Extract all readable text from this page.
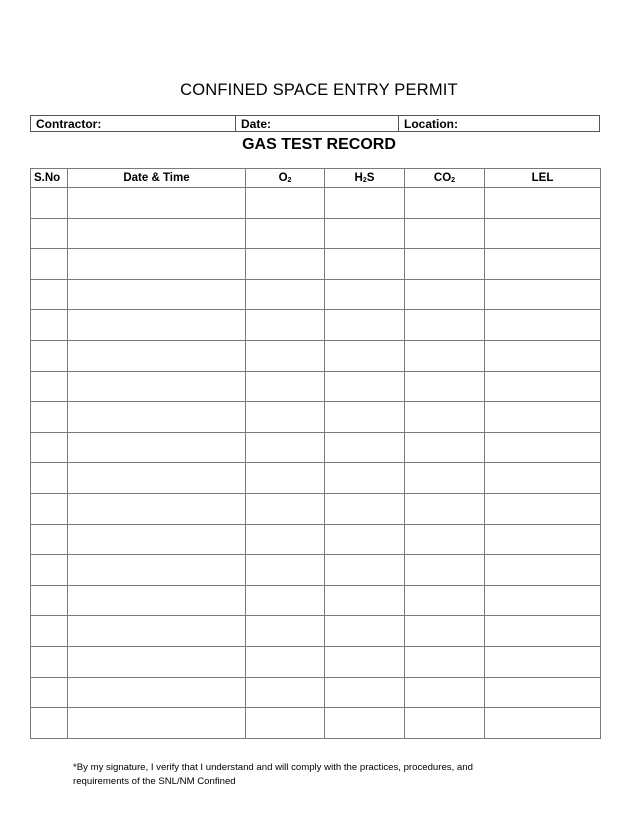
CONFINED SPACE ENTRY PERMIT
Contractor:	Date:	Location:
GAS TEST RECORD
S.No	Date & Time	$O_2$	$H_2S$	$CO_2$	LEL

*By my signature, I verify that I understand and will comply with the practices, procedures, and
requirements of the SNL/NM Confined
